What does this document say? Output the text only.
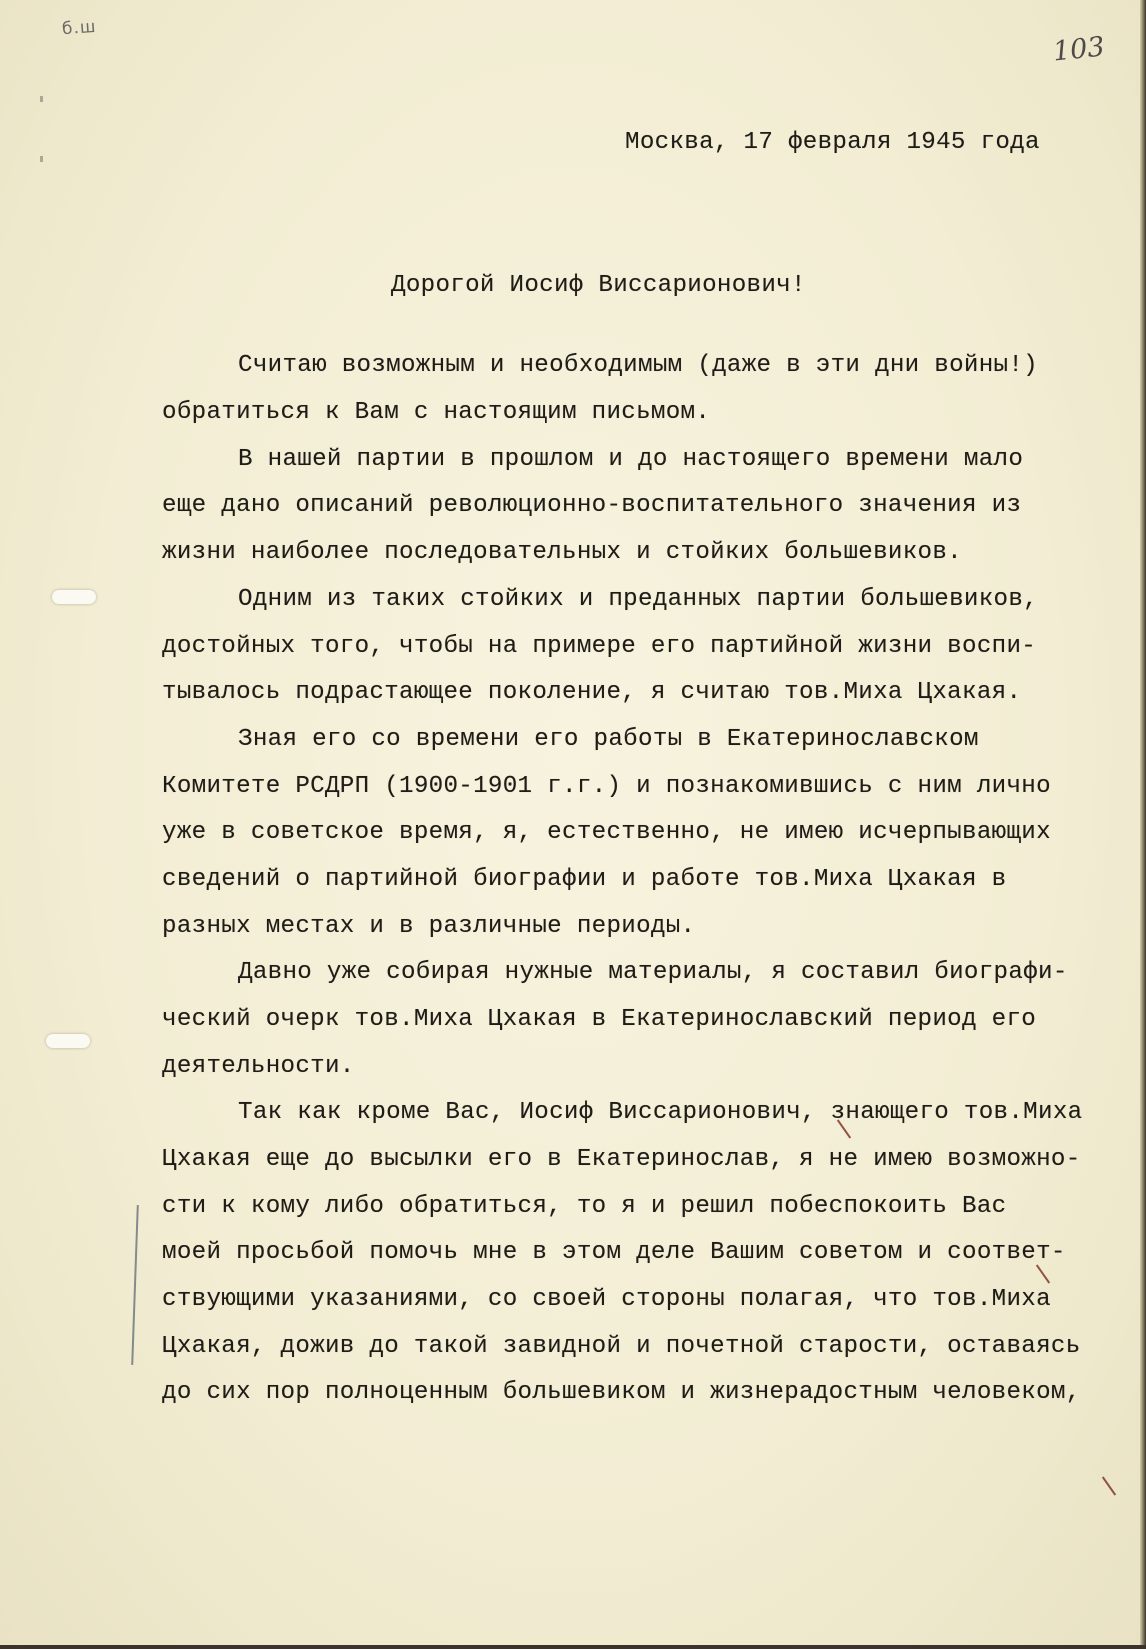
б.ш
103
Москва, 17 февраля 1945 года
Дорогой Иосиф Виссарионович!
Считаю возможным и необходимым (даже в эти дни войны!)
обратиться к Вам с настоящим письмом.
В нашей партии в прошлом и до настоящего времени мало
еще дано описаний революционно-воспитательного значения из
жизни наиболее последовательных и стойких большевиков.
Одним из таких стойких и преданных партии большевиков,
достойных того, чтобы на примере его партийной жизни воспи-
тывалось подрастающее поколение, я считаю тов.Миха Цхакая.
Зная его со времени его работы в Екатеринославском
Комитете РСДРП (1900-1901 г.г.) и познакомившись с ним лично
уже в советское время, я, естественно, не имею исчерпывающих
сведений о партийной биографии и работе тов.Миха Цхакая в
разных местах и в различные периоды.
Давно уже собирая нужные материалы, я составил биографи-
ческий очерк тов.Миха Цхакая в Екатеринославский период его
деятельности.
Так как кроме Вас, Иосиф Виссарионович, знающего тов.Миха
Цхакая еще до высылки его в Екатеринослав, я не имею возможно-
сти к кому либо обратиться, то я и решил побеспокоить Вас
моей просьбой помочь мне в этом деле Вашим советом и соответ-
ствующими указаниями, со своей стороны полагая, что тов.Миха
Цхакая, дожив до такой завидной и почетной старости, оставаясь
до сих пор полноценным большевиком и жизнерадостным человеком,
